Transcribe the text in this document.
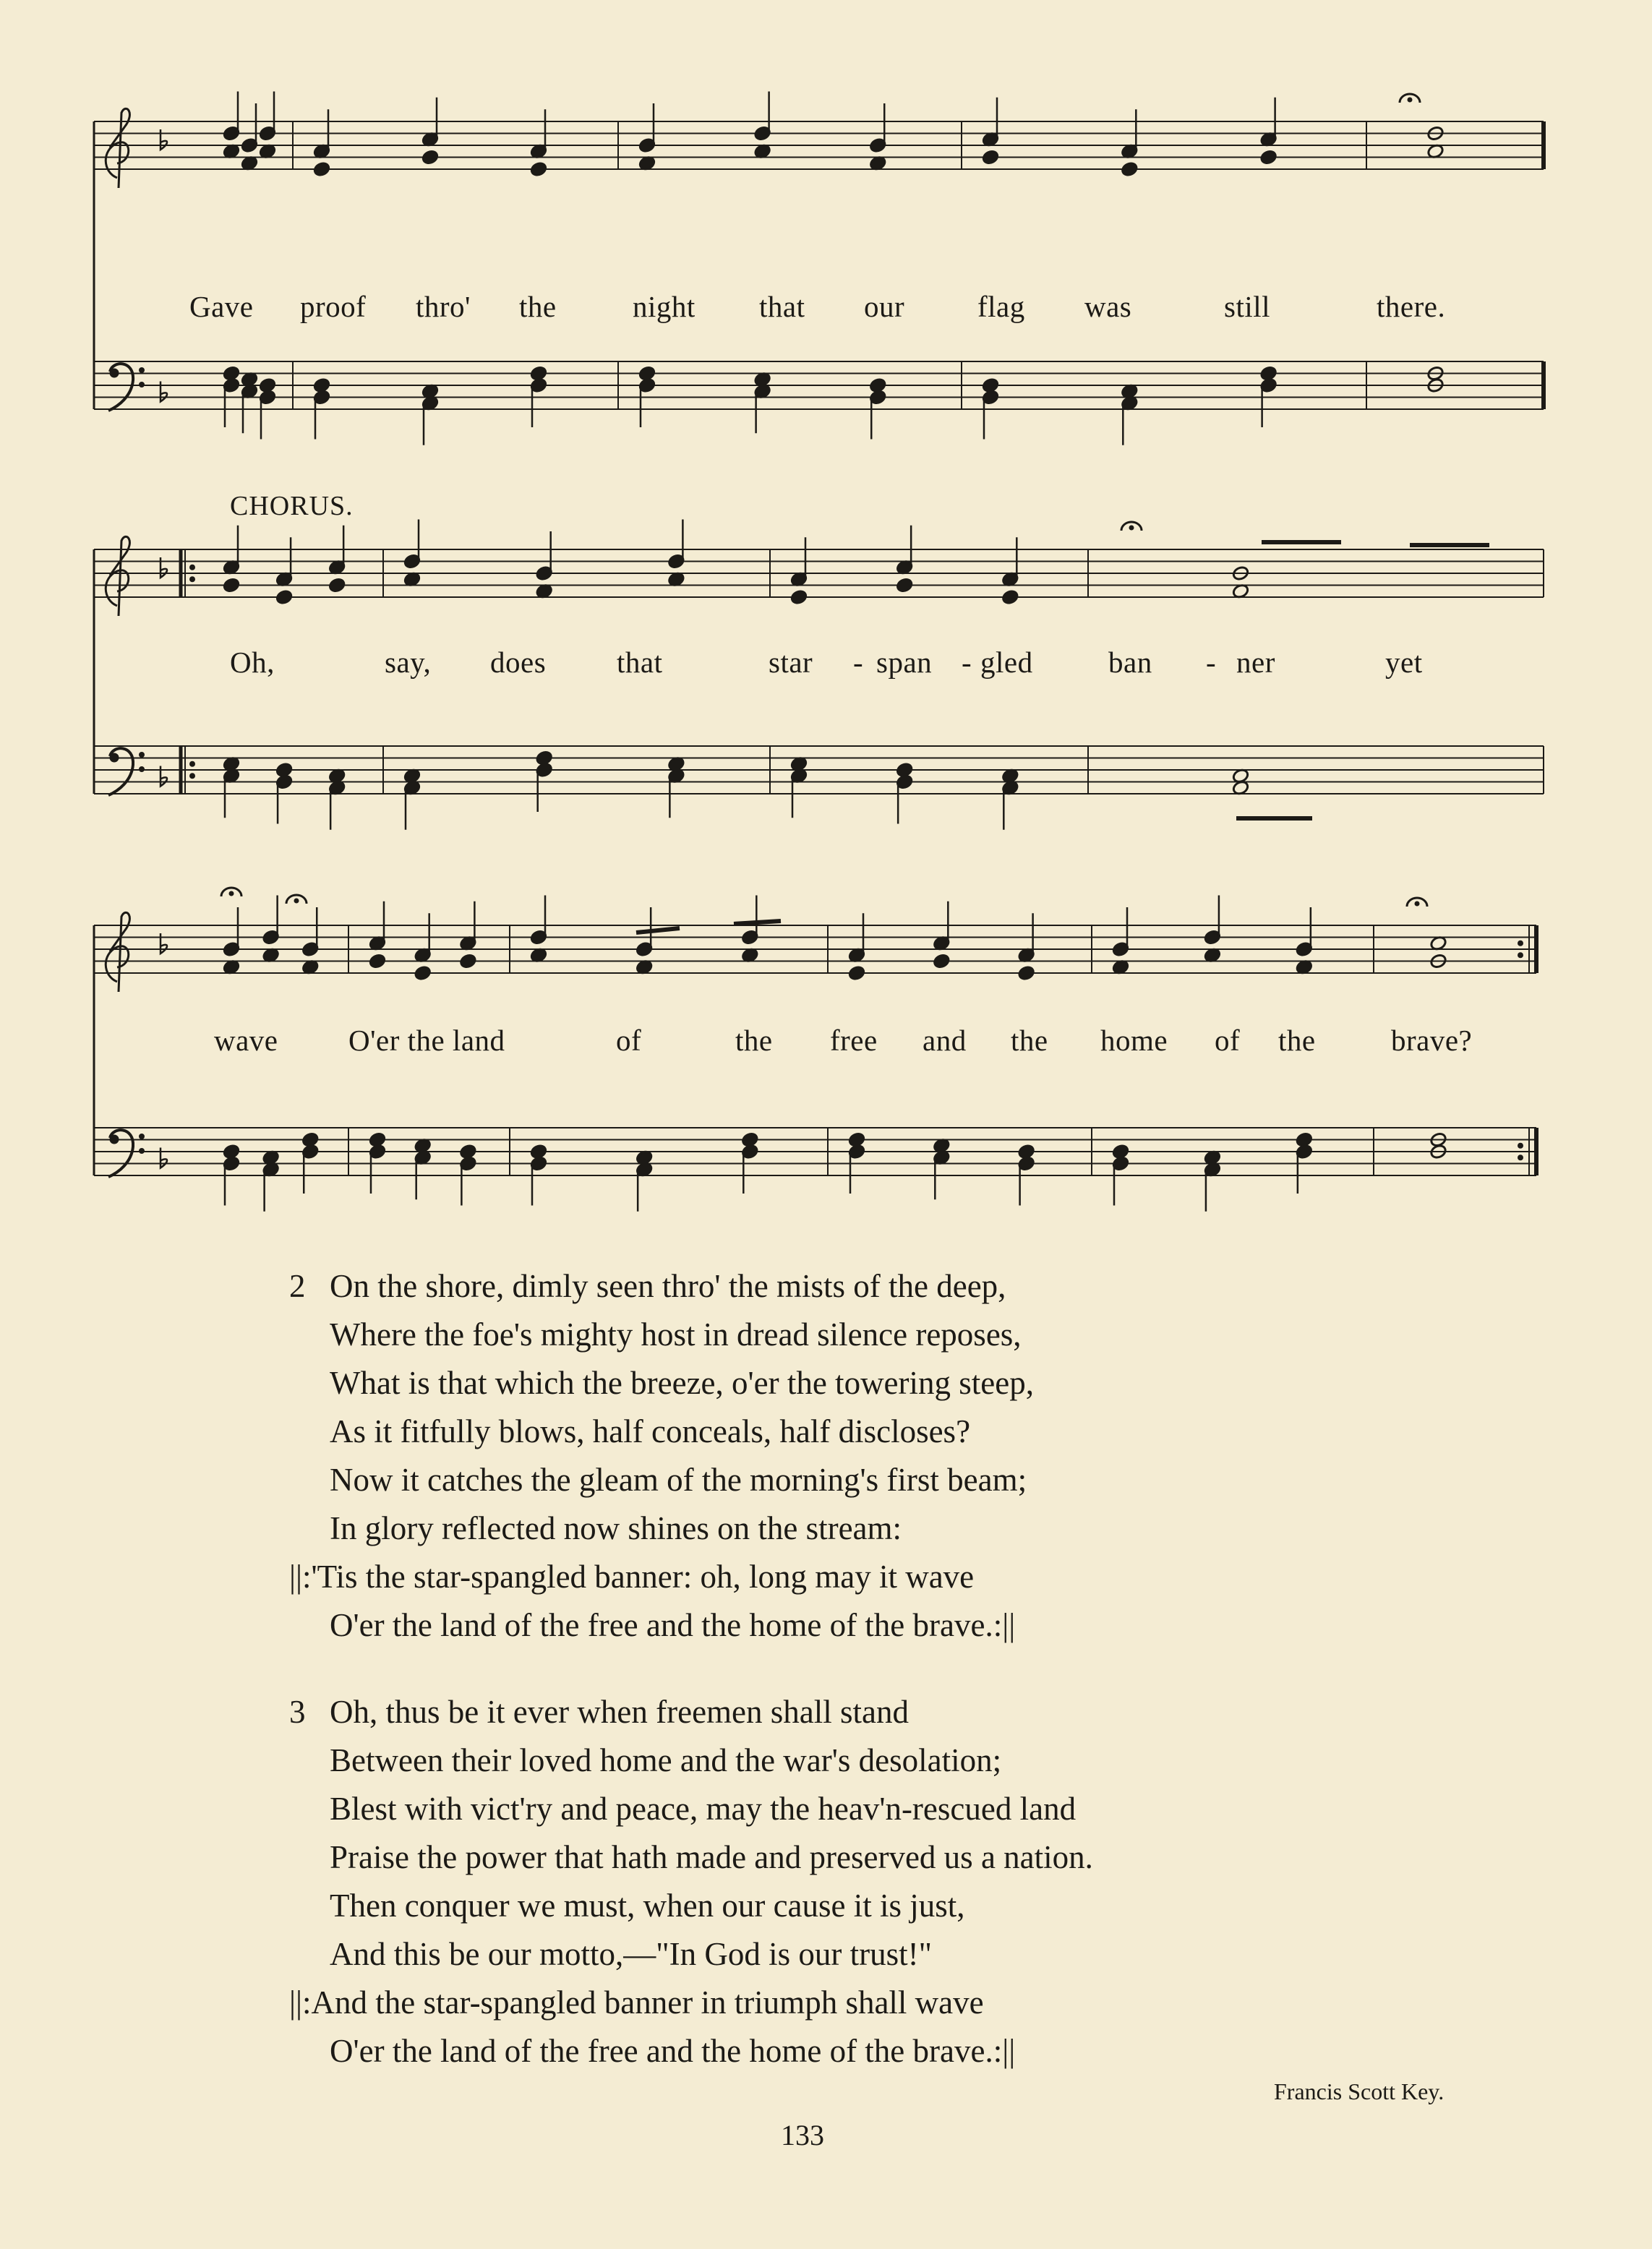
Gave proof thro' the	night that our flag was	still	there.
CHORUS.
Oh,	say, does that	star - span - gled	ban - ner	yet
wave O'er the land	of	the free and the home of the	brave?
2 On the shore, dimly seen thro' the mists of the deep,
Where the foe's mighty host in dread silence reposes,
What is that which the breeze, o'er the towering steep,
As it fitfully blows, half conceals, half discloses?
Now it catches the gleam of the morning's first beam;
In glory reflected now shines on the stream:
||:'Tis the star-spangled banner: oh, long may it wave
O'er the land of the free and the home of the brave.:||
3 Oh, thus be it ever when freemen shall stand
Between their loved home and the war's desolation;
Blest with vict'ry and peace, may the heav'n-rescued land
Praise the power that hath made and preserved us a nation.
Then conquer we must, when our cause it is just,
And this be our motto,—"In God is our trust!"
||:And the star-spangled banner in triumph shall wave
O'er the land of the free and the home of the brave.:||
Francis Scott Key.
133
